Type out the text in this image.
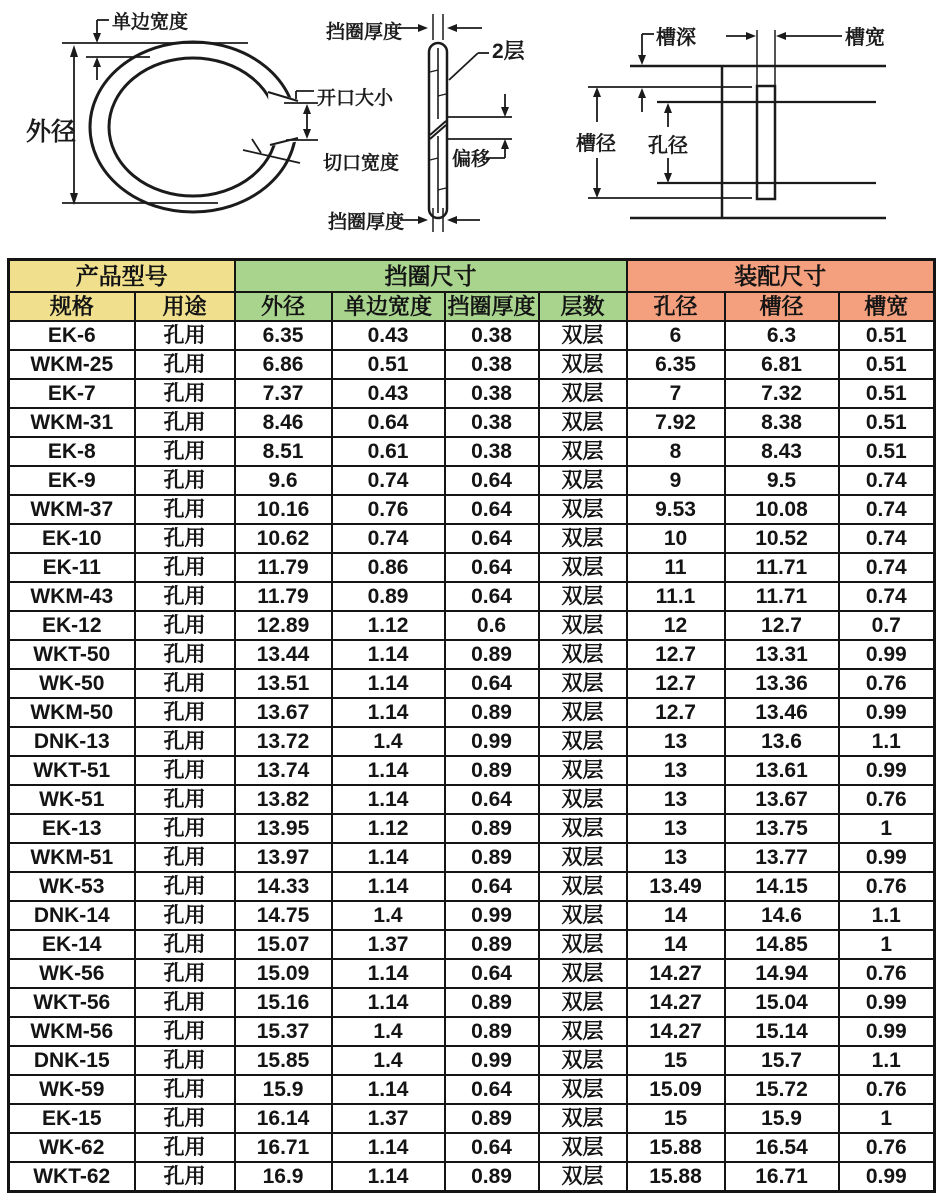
单边宽度
外径
开口大小
切口宽度
挡圈厚度
2层
偏移
挡圈厚度
槽深	槽宽
槽径 孔径
产品型号		挡圈尺寸				装配尺寸		
规格	用途	外径	单边宽度	挡圈厚度	层数	孔径	槽径	槽宽
EK-6	孔用	6.35	0.43	0.38	双层	6	6.3	0.51
WKM-25	孔用	6.86	0.51	0.38	双层	6.35	6.81	0.51
EK-7	孔用	7.37	0.43	0.38	双层	7	7.32	0.51
WKM-31	孔用	8.46	0.64	0.38	双层	7.92	8.38	0.51
EK-8	孔用	8.51	0.61	0.38	双层	8	8.43	0.51
EK-9	孔用	9.6	0.74	0.64	双层	9	9.5	0.74
WKM-37	孔用	10.16	0.76	0.64	双层	9.53	10.08	0.74
EK-10	孔用	10.62	0.74	0.64	双层	10	10.52	0.74
EK-11	孔用	11.79	0.86	0.64	双层	11	11.71	0.74
WKM-43	孔用	11.79	0.89	0.64	双层	11.1	11.71	0.74
EK-12	孔用	12.89	1.12	0.6	双层	12	12.7	0.7
WKT-50	孔用	13.44	1.14	0.89	双层	12.7	13.31	0.99
WK-50	孔用	13.51	1.14	0.64	双层	12.7	13.36	0.76
WKM-50	孔用	13.67	1.14	0.89	双层	12.7	13.46	0.99
DNK-13	孔用	13.72	1.4	0.99	双层	13	13.6	1.1
WKT-51	孔用	13.74	1.14	0.89	双层	13	13.61	0.99
WK-51	孔用	13.82	1.14	0.64	双层	13	13.67	0.76
EK-13	孔用	13.95	1.12	0.89	双层	13	13.75	1
WKM-51	孔用	13.97	1.14	0.89	双层	13	13.77	0.99
WK-53	孔用	14.33	1.14	0.64	双层	13.49	14.15	0.76
DNK-14	孔用	14.75	1.4	0.99	双层	14	14.6	1.1
EK-14	孔用	15.07	1.37	0.89	双层	14	14.85	1
WK-56	孔用	15.09	1.14	0.64	双层	14.27	14.94	0.76
WKT-56	孔用	15.16	1.14	0.89	双层	14.27	15.04	0.99
WKM-56	孔用	15.37	1.4	0.89	双层	14.27	15.14	0.99
DNK-15	孔用	15.85	1.4	0.99	双层	15	15.7	1.1
WK-59	孔用	15.9	1.14	0.64	双层	15.09	15.72	0.76
EK-15	孔用	16.14	1.37	0.89	双层	15	15.9	1
WK-62	孔用	16.71	1.14	0.64	双层	15.88	16.54	0.76
WKT-62	孔用	16.9	1.14	0.89	双层	15.88	16.71	0.99
